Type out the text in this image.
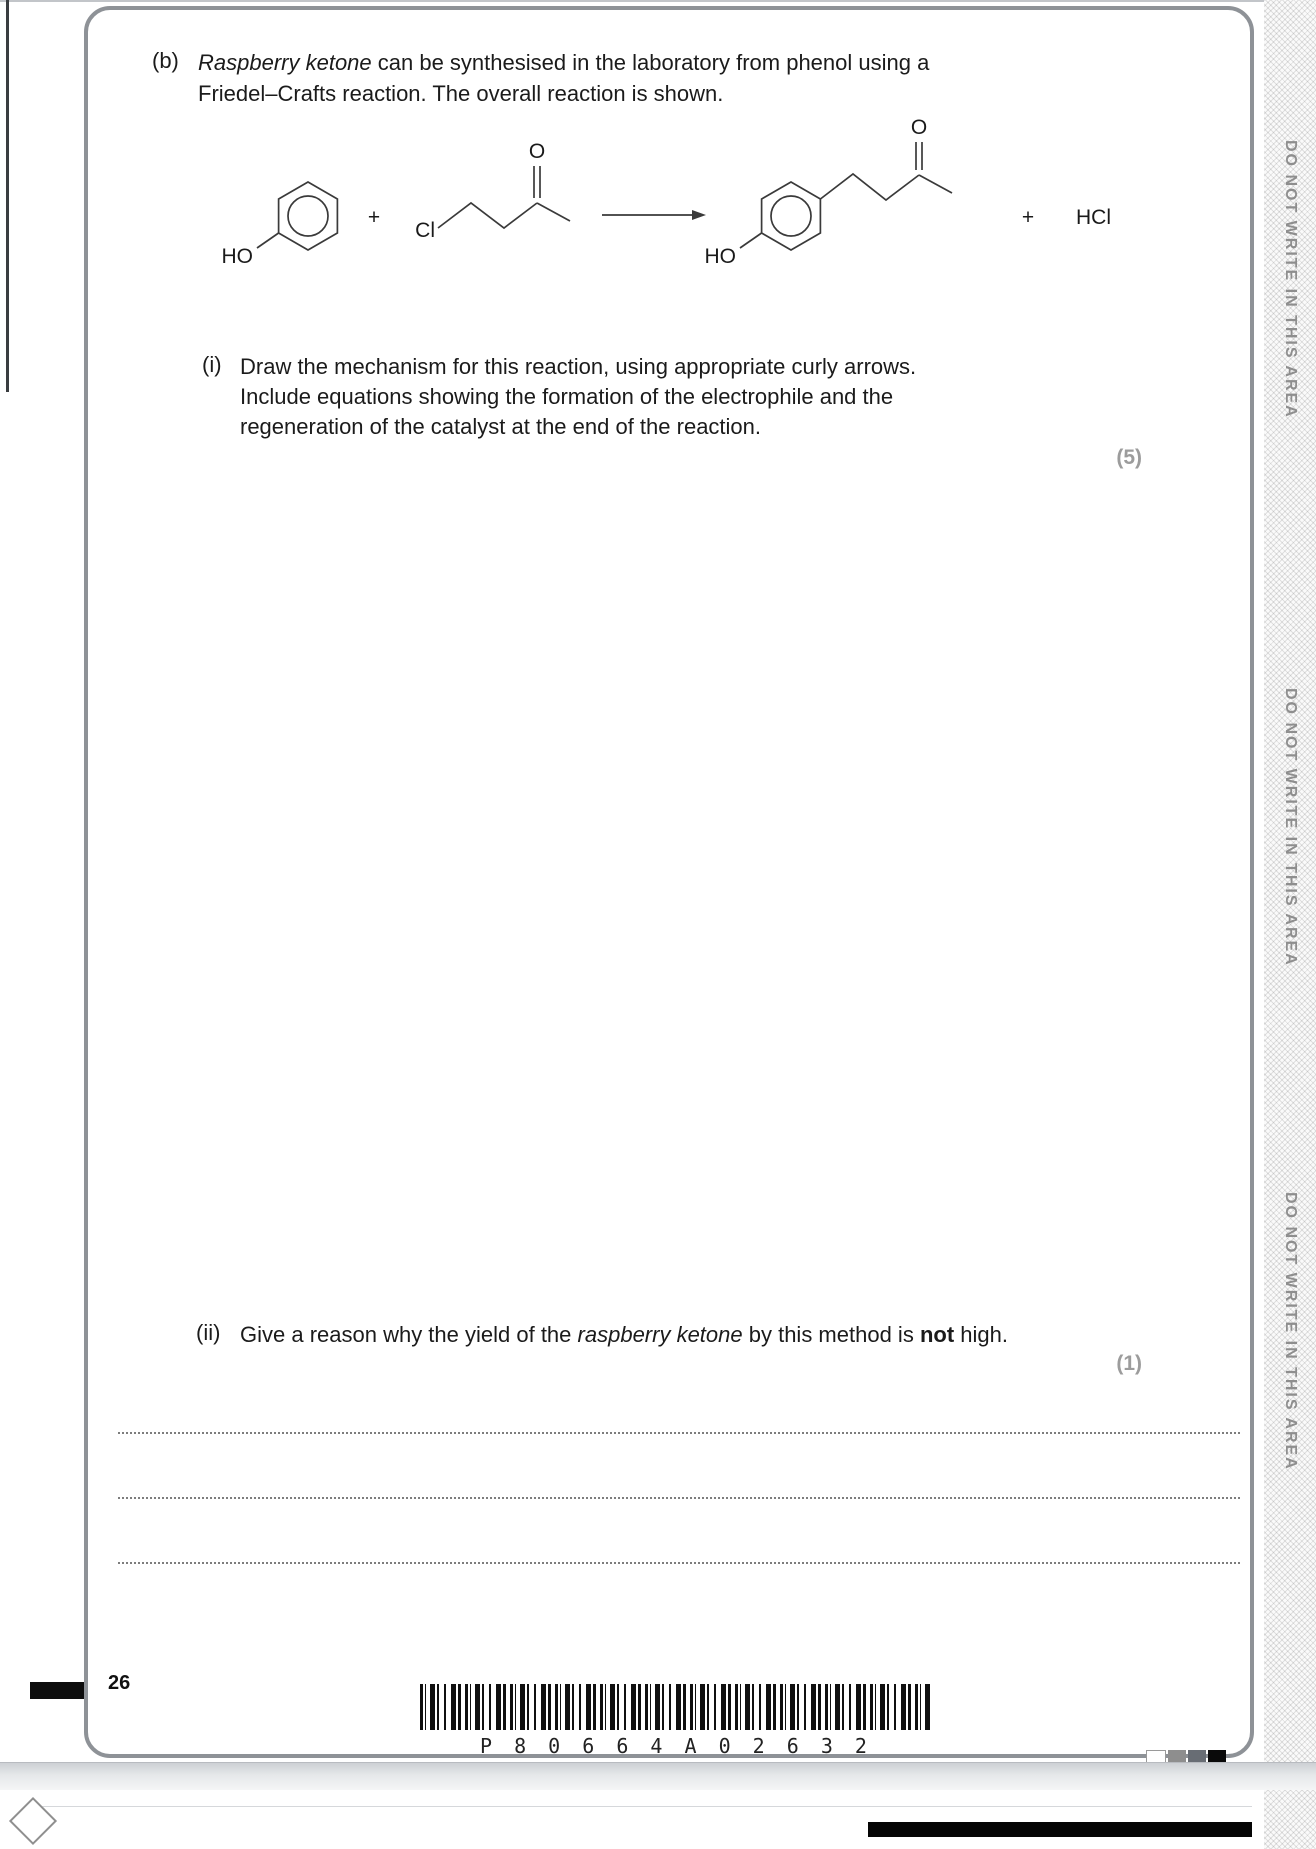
(b) Raspberry ketone can be synthesised in the laboratory from phenol using a
Friedel–Crafts reaction. The overall reaction is shown.
HO
+
Cl
O
HO
O
+ HCl
(i) Draw the mechanism for this reaction, using appropriate curly arrows.
Include equations showing the formation of the electrophile and the
regeneration of the catalyst at the end of the reaction.
(5)
(ii) Give a reason why the yield of the raspberry ketone by this method is not high.
(1)
26
P 8 0 6 6 4 A 0 2 6 3 2
DO NOT WRITE IN THIS AREA
DO NOT WRITE IN THIS AREA
DO NOT WRITE IN THIS AREA
